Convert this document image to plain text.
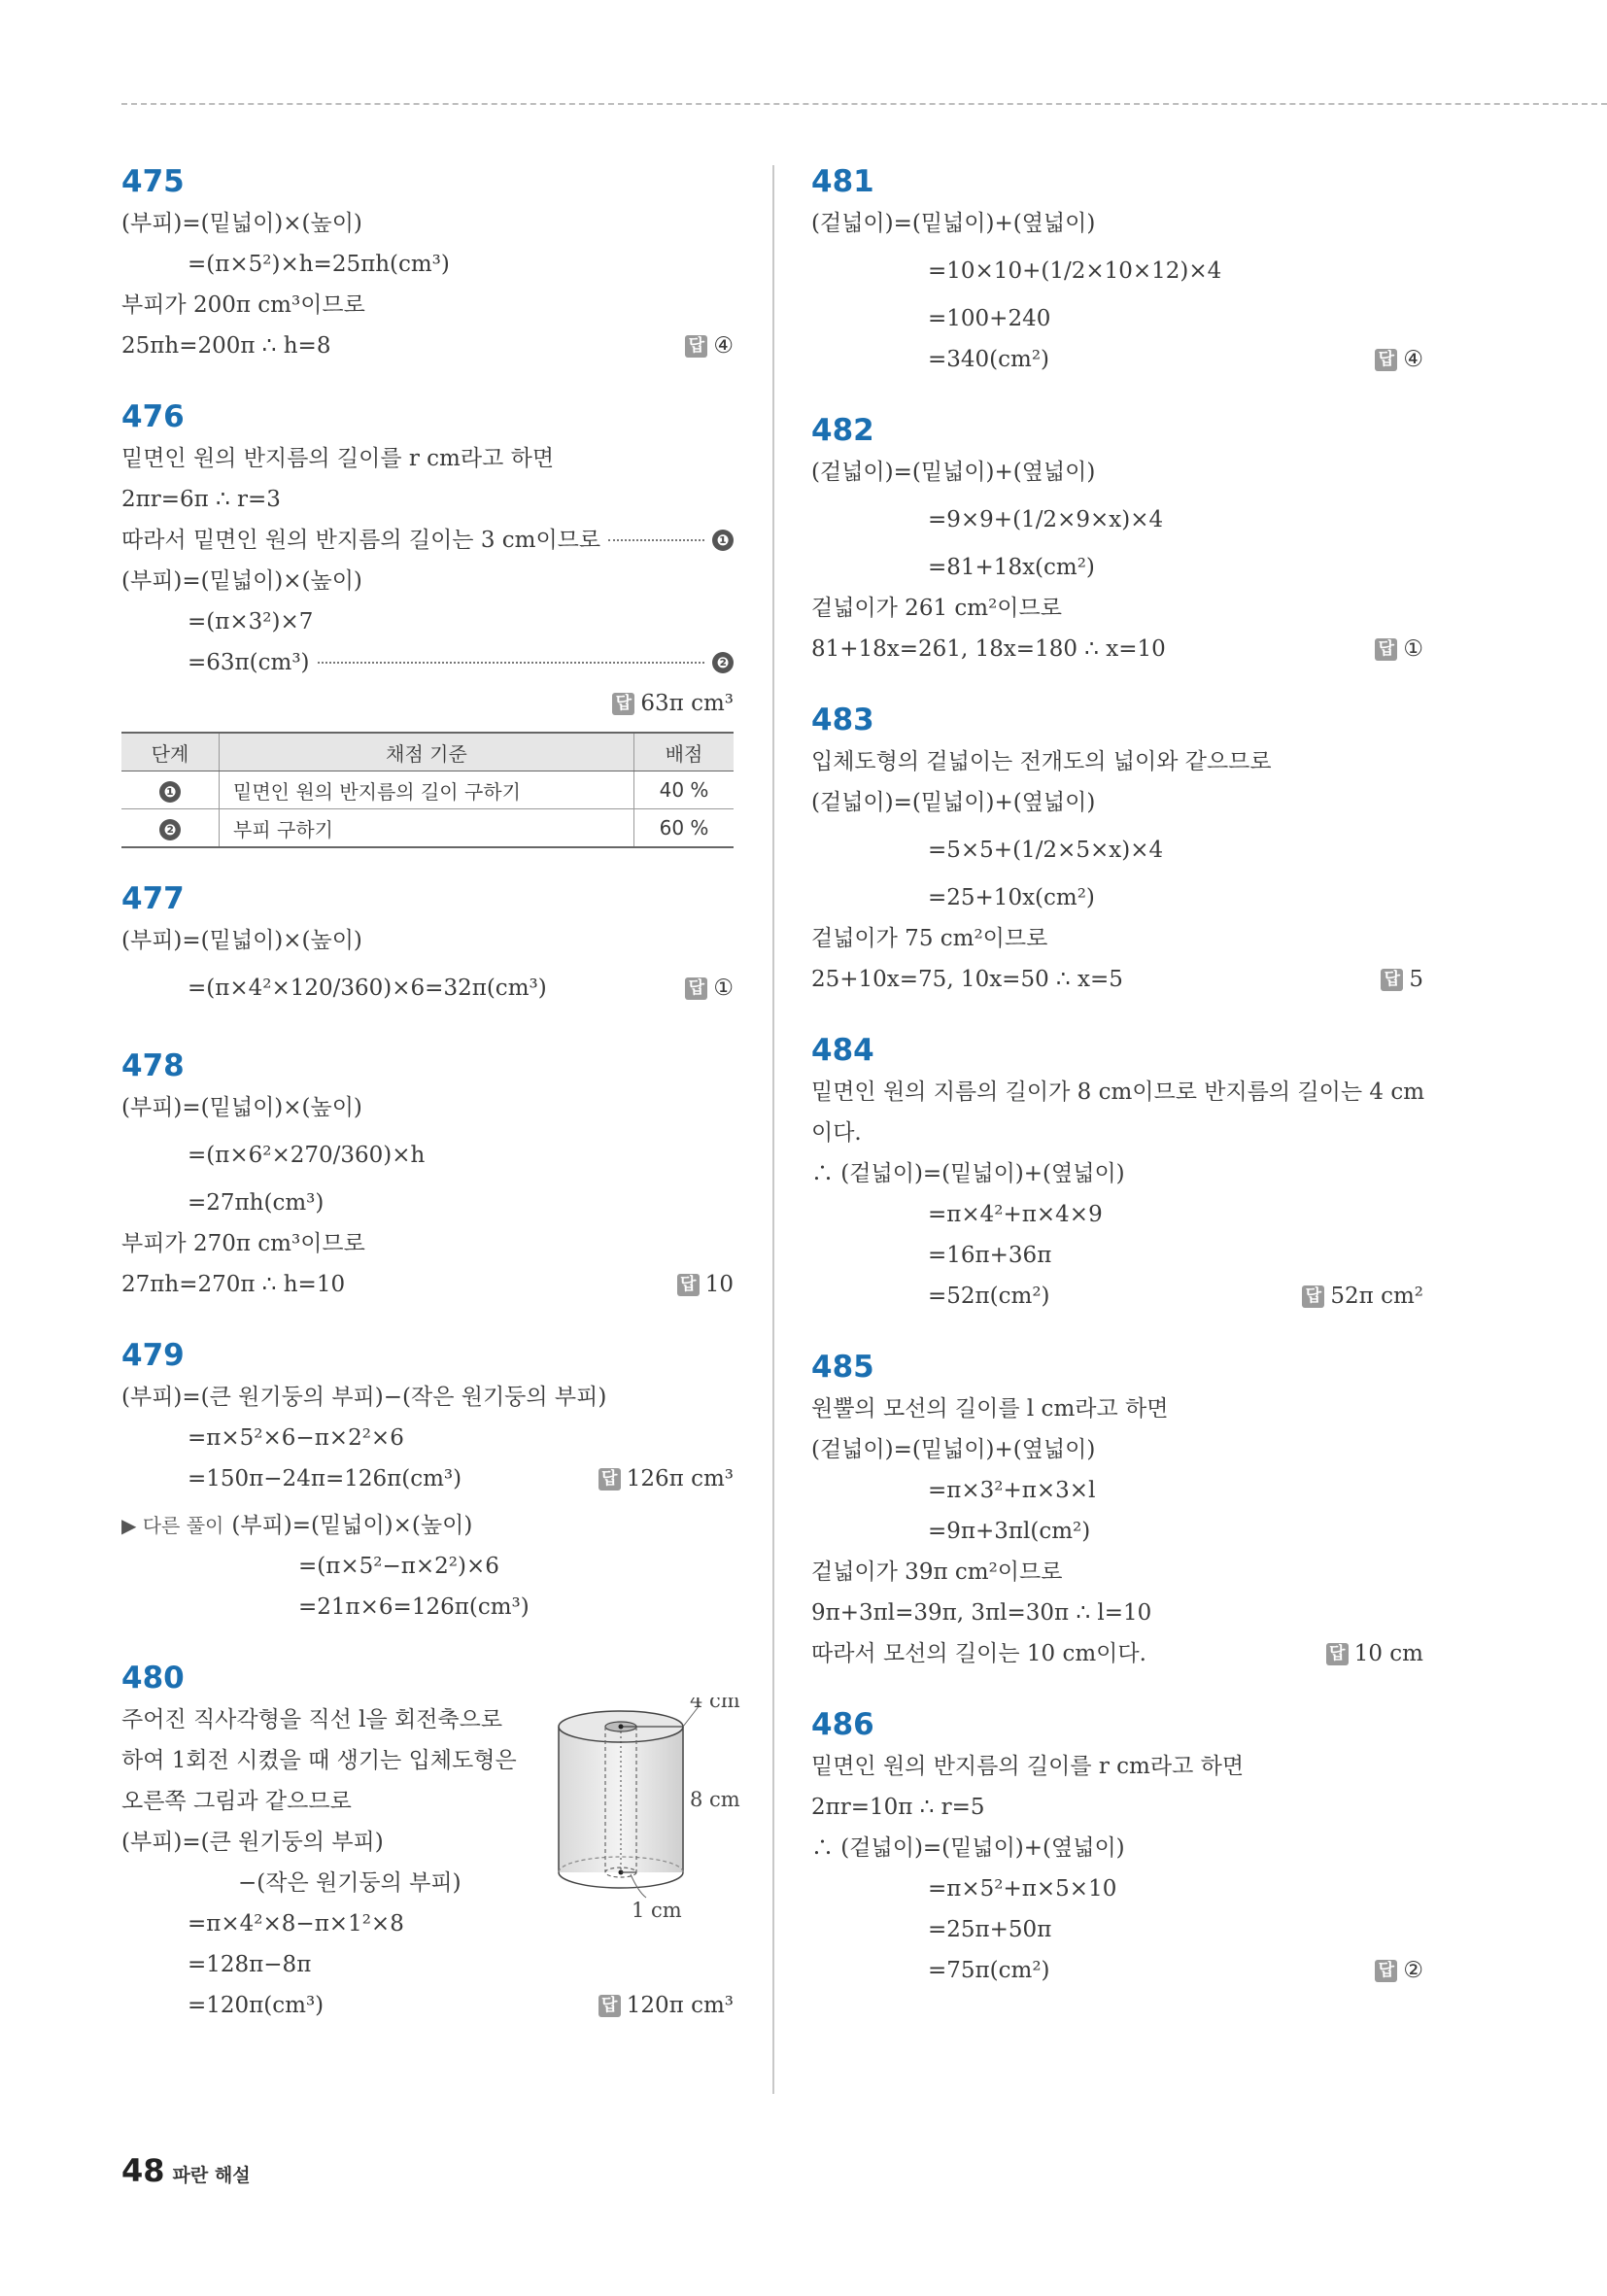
475
(부피)=(밑넓이)×(높이)
=(π×5²)×h=25πh(cm³)
부피가 200π cm³이므로
25πh=200π ∴ h=8	답 ④
476
밑면인 원의 반지름의 길이를 r cm라고 하면
2πr=6π ∴ r=3
따라서 밑면인 원의 반지름의 길이는 3 cm이므로	❶
(부피)=(밑넓이)×(높이)
=(π×3²)×7
=63π(cm³)	❷
답 63π cm³
단계	채점 기준	배점
❶	밑면인 원의 반지름의 길이 구하기	40 %
❷	부피 구하기	60 %
477
(부피)=(밑넓이)×(높이)
=(π×4²×120/360)×6=32π(cm³)	답 ①
478
(부피)=(밑넓이)×(높이)
=(π×6²×270/360)×h
=27πh(cm³)
부피가 270π cm³이므로
27πh=270π ∴ h=10	답 10
479
(부피)=(큰 원기둥의 부피)−(작은 원기둥의 부피)
=π×5²×6−π×2²×6
=150π−24π=126π(cm³)	답 126π cm³
▶ 다른 풀이 (부피)=(밑넓이)×(높이)
=(π×5²−π×2²)×6
=21π×6=126π(cm³)
480
주어진 직사각형을 직선 l을 회전축으로
하여 1회전 시켰을 때 생기는 입체도형은
오른쪽 그림과 같으므로
(부피)=(큰 원기둥의 부피)
−(작은 원기둥의 부피)
=π×4²×8−π×1²×8
=128π−8π
=120π(cm³)	답 120π cm³
4 cm
8 cm
1 cm
481
(겉넓이)=(밑넓이)+(옆넓이)
=10×10+(1/2×10×12)×4
=100+240
=340(cm²)	답 ④
482
(겉넓이)=(밑넓이)+(옆넓이)
=9×9+(1/2×9×x)×4
=81+18x(cm²)
겉넓이가 261 cm²이므로
81+18x=261, 18x=180 ∴ x=10	답 ①
483
입체도형의 겉넓이는 전개도의 넓이와 같으므로
(겉넓이)=(밑넓이)+(옆넓이)
=5×5+(1/2×5×x)×4
=25+10x(cm²)
겉넓이가 75 cm²이므로
25+10x=75, 10x=50 ∴ x=5	답 5
484
밑면인 원의 지름의 길이가 8 cm이므로 반지름의 길이는 4 cm
이다.
∴ (겉넓이)=(밑넓이)+(옆넓이)
=π×4²+π×4×9
=16π+36π
=52π(cm²)	답 52π cm²
485
원뿔의 모선의 길이를 l cm라고 하면
(겉넓이)=(밑넓이)+(옆넓이)
=π×3²+π×3×l
=9π+3πl(cm²)
겉넓이가 39π cm²이므로
9π+3πl=39π, 3πl=30π ∴ l=10
따라서 모선의 길이는 10 cm이다.	답 10 cm
486
밑면인 원의 반지름의 길이를 r cm라고 하면
2πr=10π ∴ r=5
∴ (겉넓이)=(밑넓이)+(옆넓이)
=π×5²+π×5×10
=25π+50π
=75π(cm²)	답 ②
48 파란 해설
